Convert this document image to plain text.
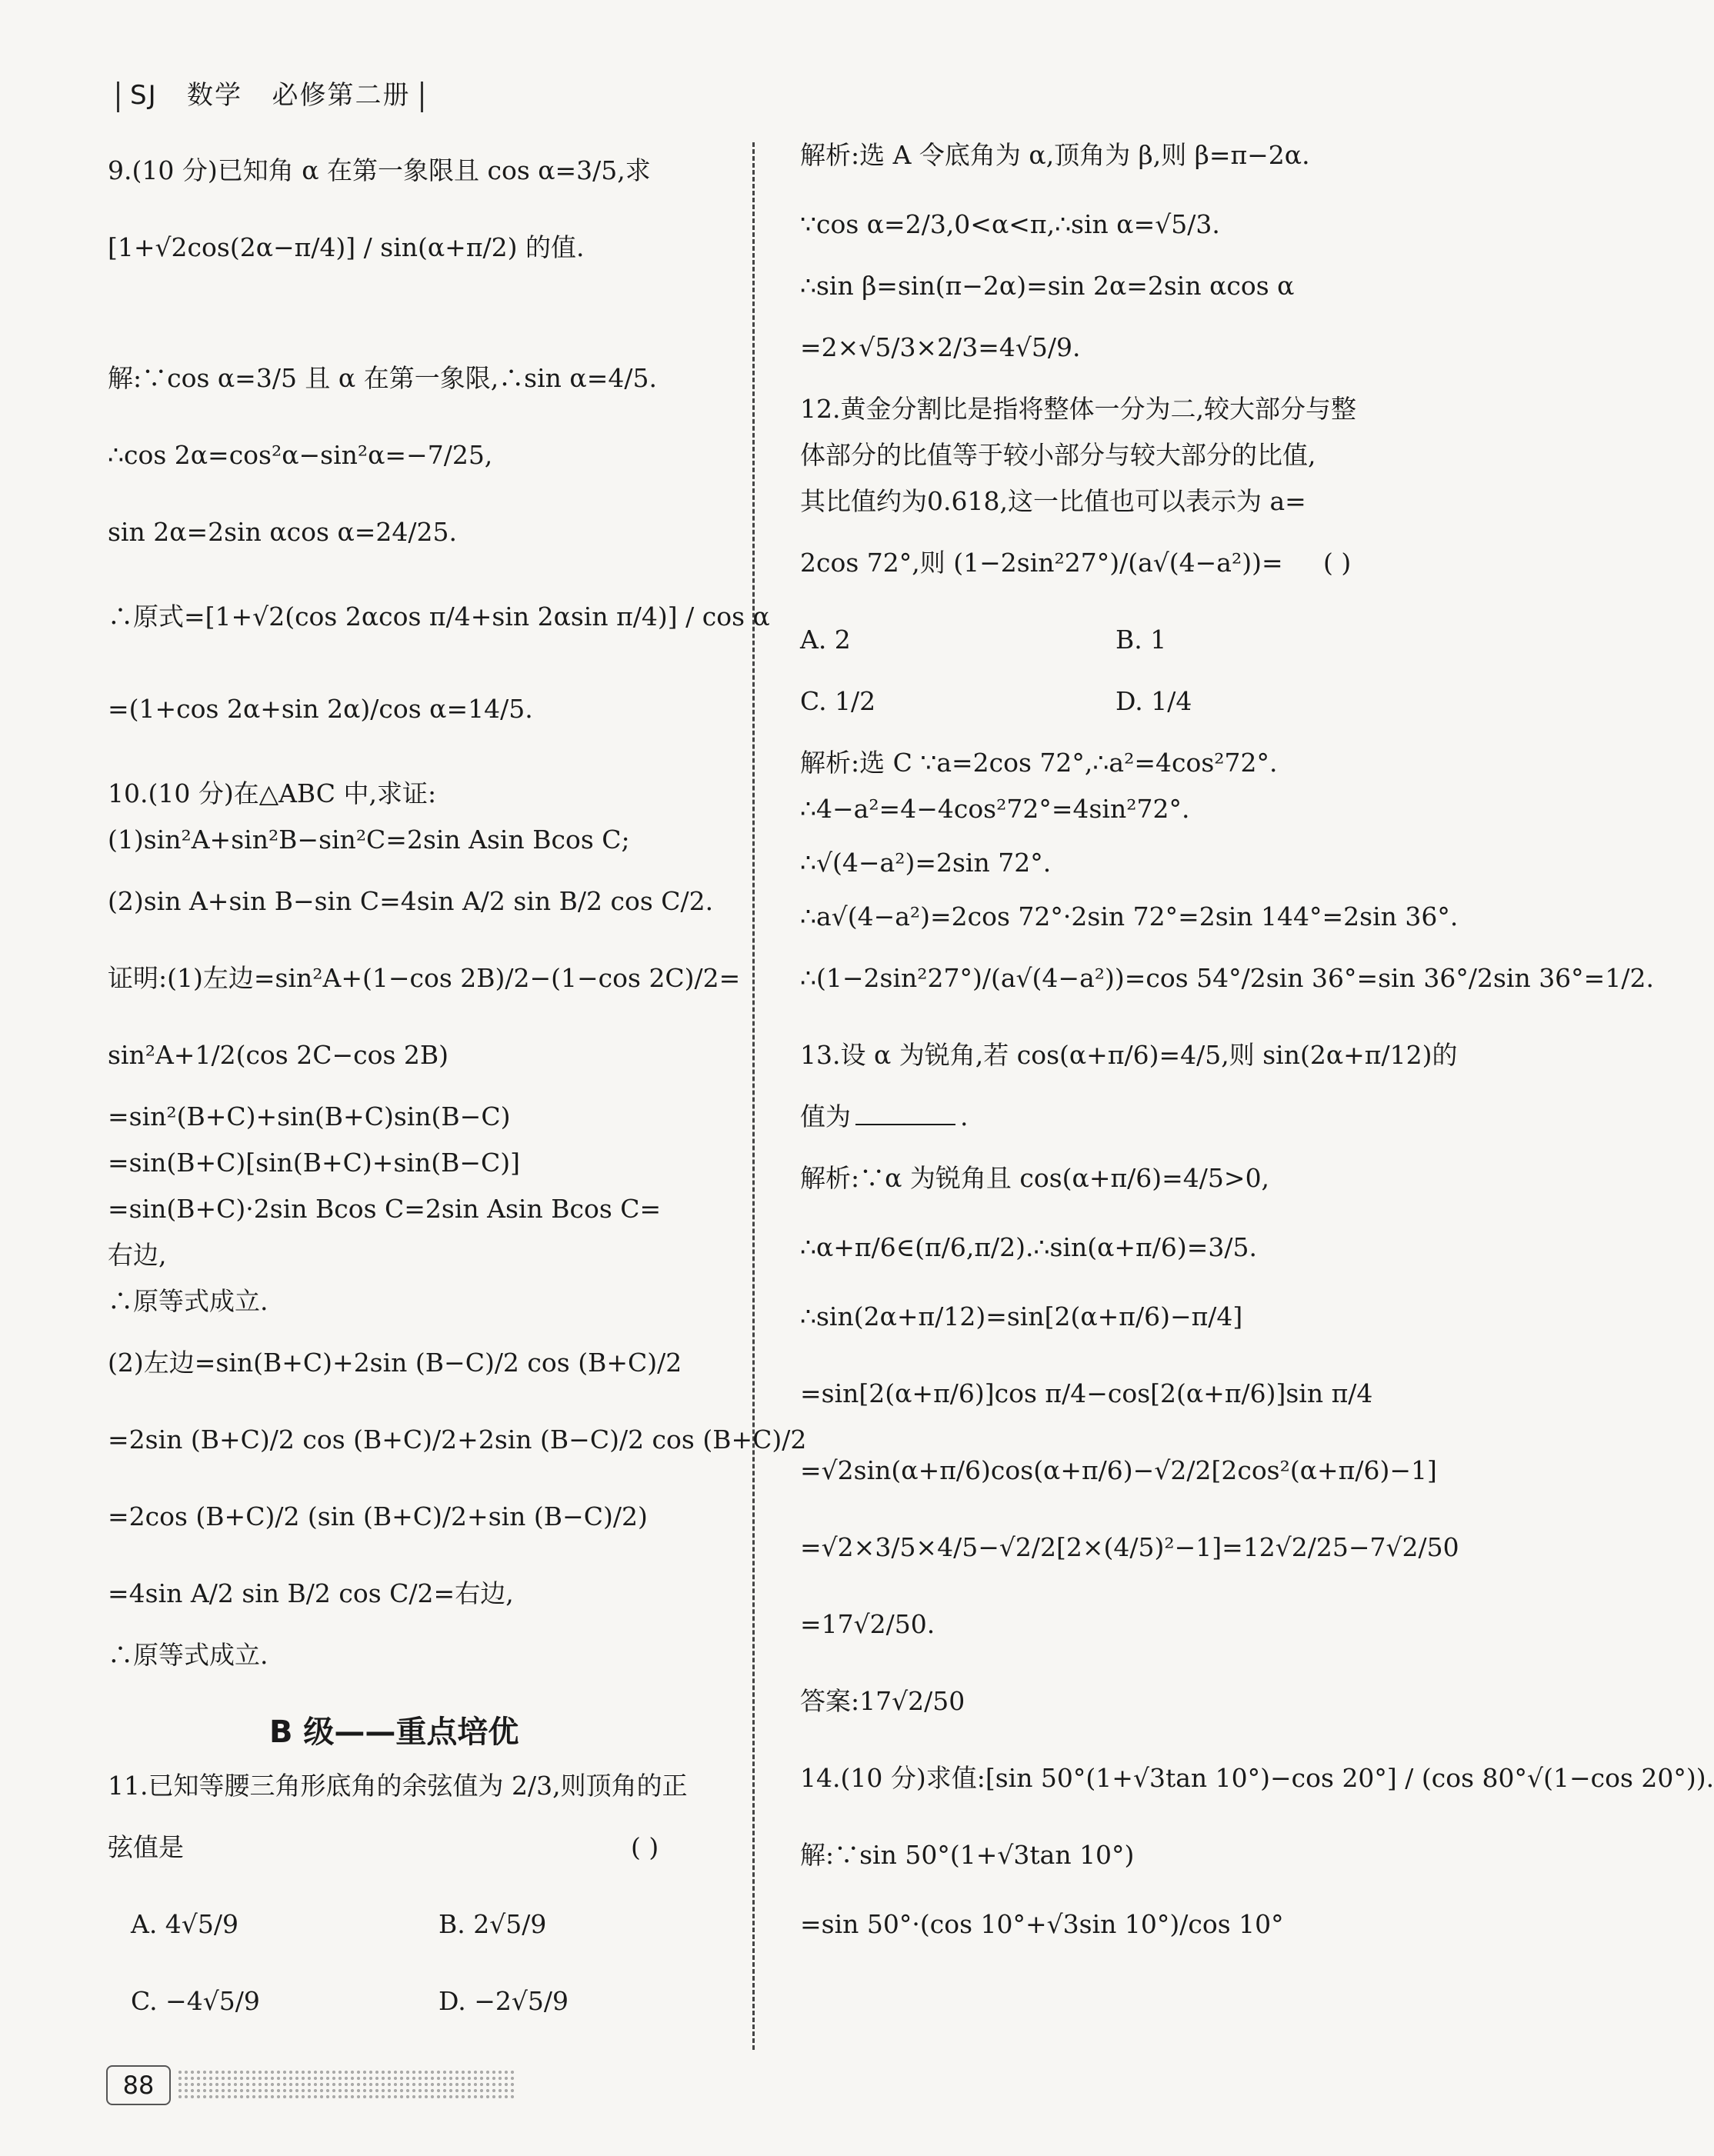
SJ 数学 必修第二册
9.(10 分)已知角 α 在第一象限且 cos α=3/5,求
[1+√2cos(2α−π/4)] / sin(α+π/2) 的值.
解:∵cos α=3/5 且 α 在第一象限,∴sin α=4/5.
∴cos 2α=cos²α−sin²α=−7/25,
sin 2α=2sin αcos α=24/25.
∴原式=[1+√2(cos 2αcos π/4+sin 2αsin π/4)] / cos α
=(1+cos 2α+sin 2α)/cos α=14/5.
10.(10 分)在△ABC 中,求证:
(1)sin²A+sin²B−sin²C=2sin Asin Bcos C;
(2)sin A+sin B−sin C=4sin A/2 sin B/2 cos C/2.
证明:(1)左边=sin²A+(1−cos 2B)/2−(1−cos 2C)/2=
sin²A+1/2(cos 2C−cos 2B)
=sin²(B+C)+sin(B+C)sin(B−C)
=sin(B+C)[sin(B+C)+sin(B−C)]
=sin(B+C)·2sin Bcos C=2sin Asin Bcos C=
右边,
∴原等式成立.
(2)左边=sin(B+C)+2sin (B−C)/2 cos (B+C)/2
=2sin (B+C)/2 cos (B+C)/2+2sin (B−C)/2 cos (B+C)/2
=2cos (B+C)/2 (sin (B+C)/2+sin (B−C)/2)
=4sin A/2 sin B/2 cos C/2=右边,
∴原等式成立.
B 级——重点培优
11.已知等腰三角形底角的余弦值为 2/3,则顶角的正
弦值是	( )
A. 4√5/9	B. 2√5/9
C. −4√5/9	D. −2√5/9
解析:选 A 令底角为 α,顶角为 β,则 β=π−2α.
∵cos α=2/3,0<α<π,∴sin α=√5/3.
∴sin β=sin(π−2α)=sin 2α=2sin αcos α
=2×√5/3×2/3=4√5/9.
12.黄金分割比是指将整体一分为二,较大部分与整
体部分的比值等于较小部分与较大部分的比值,
其比值约为0.618,这一比值也可以表示为 a=
2cos 72°,则 (1−2sin²27°)/(a√(4−a²))= ( )
A. 2	B. 1
C. 1/2	D. 1/4
解析:选 C ∵a=2cos 72°,∴a²=4cos²72°.
∴4−a²=4−4cos²72°=4sin²72°.
∴√(4−a²)=2sin 72°.
∴a√(4−a²)=2cos 72°·2sin 72°=2sin 144°=2sin 36°.
∴(1−2sin²27°)/(a√(4−a²))=cos 54°/2sin 36°=sin 36°/2sin 36°=1/2.
13.设 α 为锐角,若 cos(α+π/6)=4/5,则 sin(2α+π/12)的
值为	.
解析:∵α 为锐角且 cos(α+π/6)=4/5>0,
∴α+π/6∈(π/6,π/2).∴sin(α+π/6)=3/5.
∴sin(2α+π/12)=sin[2(α+π/6)−π/4]
=sin[2(α+π/6)]cos π/4−cos[2(α+π/6)]sin π/4
=√2sin(α+π/6)cos(α+π/6)−√2/2[2cos²(α+π/6)−1]
=√2×3/5×4/5−√2/2[2×(4/5)²−1]=12√2/25−7√2/50
=17√2/50.
答案:17√2/50
14.(10 分)求值:[sin 50°(1+√3tan 10°)−cos 20°] / (cos 80°√(1−cos 20°)).
解:∵sin 50°(1+√3tan 10°)
=sin 50°·(cos 10°+√3sin 10°)/cos 10°
88
